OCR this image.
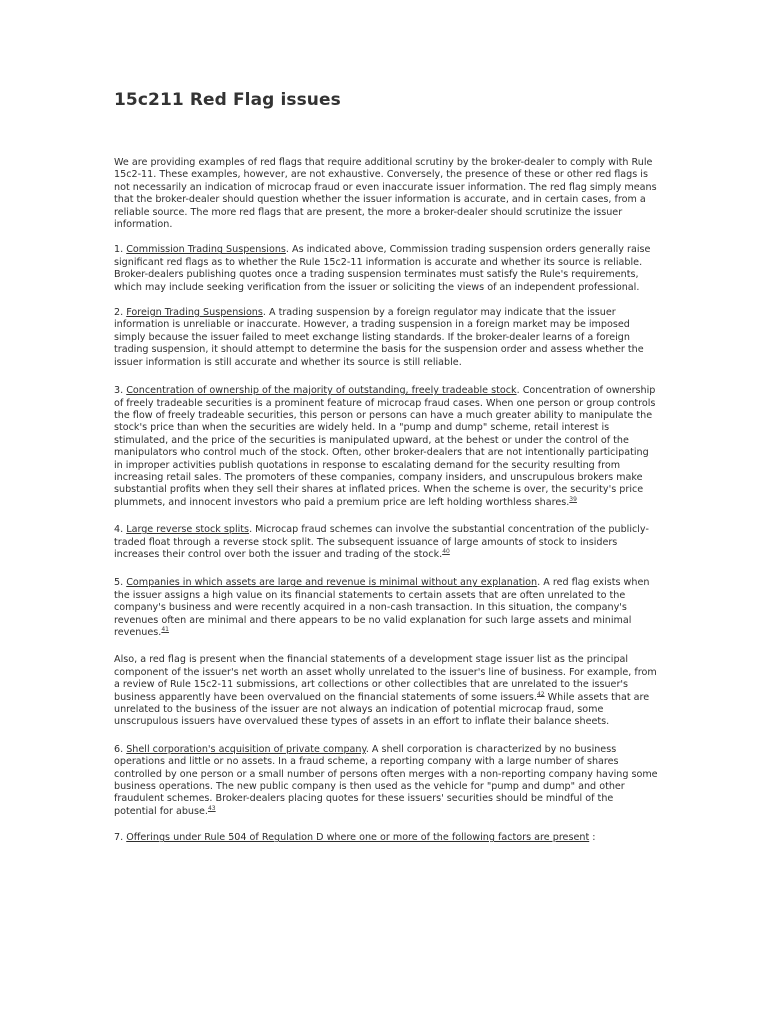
15c211 Red Flag issues

We are providing examples of red flags that require additional scrutiny by the broker-dealer to comply with Rule 15c2-11. These examples, however, are not exhaustive. Conversely, the presence of these or other red flags is not necessarily an indication of microcap fraud or even inaccurate issuer information. The red flag simply means that the broker-dealer should question whether the issuer information is accurate, and in certain cases, from a reliable source. The more red flags that are present, the more a broker-dealer should scrutinize the issuer information.

1. Commission Trading Suspensions. As indicated above, Commission trading suspension orders generally raise significant red flags as to whether the Rule 15c2-11 information is accurate and whether its source is reliable. Broker-dealers publishing quotes once a trading suspension terminates must satisfy the Rule's requirements, which may include seeking verification from the issuer or soliciting the views of an independent professional.

2. Foreign Trading Suspensions. A trading suspension by a foreign regulator may indicate that the issuer information is unreliable or inaccurate. However, a trading suspension in a foreign market may be imposed simply because the issuer failed to meet exchange listing standards. If the broker-dealer learns of a foreign trading suspension, it should attempt to determine the basis for the suspension order and assess whether the issuer information is still accurate and whether its source is still reliable.

3. Concentration of ownership of the majority of outstanding, freely tradeable stock. Concentration of ownership of freely tradeable securities is a prominent feature of microcap fraud cases. When one person or group controls the flow of freely tradeable securities, this person or persons can have a much greater ability to manipulate the stock's price than when the securities are widely held. In a "pump and dump" scheme, retail interest is stimulated, and the price of the securities is manipulated upward, at the behest or under the control of the manipulators who control much of the stock. Often, other broker-dealers that are not intentionally participating in improper activities publish quotations in response to escalating demand for the security resulting from increasing retail sales. The promoters of these companies, company insiders, and unscrupulous brokers make substantial profits when they sell their shares at inflated prices. When the scheme is over, the security's price plummets, and innocent investors who paid a premium price are left holding worthless shares.$^{39}$

4. Large reverse stock splits. Microcap fraud schemes can involve the substantial concentration of the publicly-traded float through a reverse stock split. The subsequent issuance of large amounts of stock to insiders increases their control over both the issuer and trading of the stock.$^{40}$

5. Companies in which assets are large and revenue is minimal without any explanation. A red flag exists when the issuer assigns a high value on its financial statements to certain assets that are often unrelated to the company's business and were recently acquired in a non-cash transaction. In this situation, the company's revenues often are minimal and there appears to be no valid explanation for such large assets and minimal revenues.$^{41}$

Also, a red flag is present when the financial statements of a development stage issuer list as the principal component of the issuer's net worth an asset wholly unrelated to the issuer's line of business. For example, from a review of Rule 15c2-11 submissions, art collections or other collectibles that are unrelated to the issuer's business apparently have been overvalued on the financial statements of some issuers.$^{42}$ While assets that are unrelated to the business of the issuer are not always an indication of potential microcap fraud, some unscrupulous issuers have overvalued these types of assets in an effort to inflate their balance sheets.

6. Shell corporation's acquisition of private company. A shell corporation is characterized by no business operations and little or no assets. In a fraud scheme, a reporting company with a large number of shares controlled by one person or a small number of persons often merges with a non-reporting company having some business operations. The new public company is then used as the vehicle for "pump and dump" and other fraudulent schemes. Broker-dealers placing quotes for these issuers' securities should be mindful of the potential for abuse.$^{43}$

7. Offerings under Rule 504 of Regulation D where one or more of the following factors are present :
